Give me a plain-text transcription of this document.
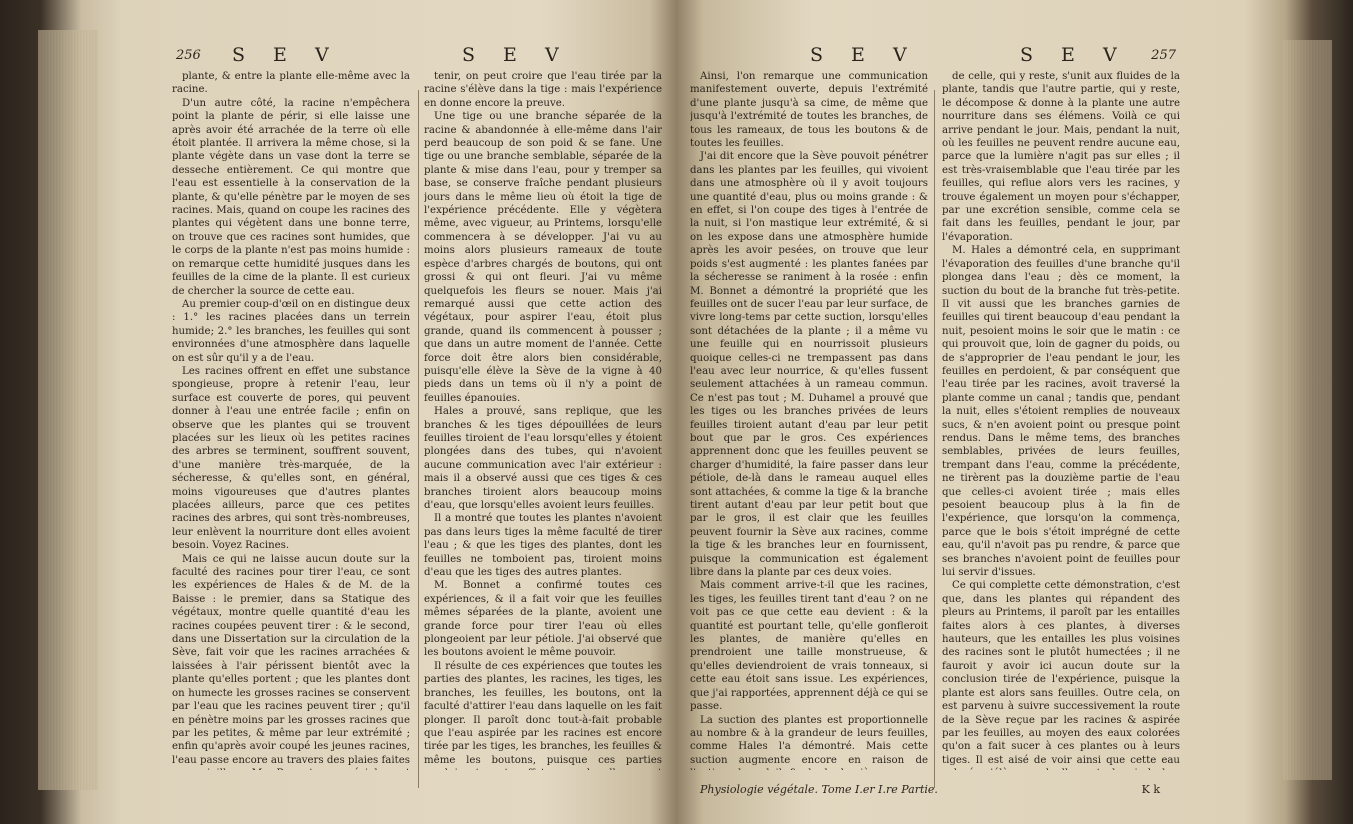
256 S E V	S E V

plante, & entre la plante elle-même avec la racine.

D'un autre côté, la racine n'empêchera point la plante de périr, si elle laisse une après avoir été arrachée de la terre où elle étoit plantée. Il arrivera la même chose, si la plante végète dans un vase dont la terre se desseche entièrement. Ce qui montre que l'eau est essentielle à la conservation de la plante, & qu'elle pénètre par le moyen de ses racines. Mais, quand on coupe les racines des plantes qui végètent dans une bonne terre, on trouve que ces racines sont humides, que le corps de la plante n'est pas moins humide : on remarque cette humidité jusques dans les feuilles de la cime de la plante. Il est curieux de chercher la source de cette eau.

Au premier coup-d'œil on en distingue deux : 1.° les racines placées dans un terrein humide; 2.° les branches, les feuilles qui sont environnées d'une atmosphère dans laquelle on est sûr qu'il y a de l'eau.

Les racines offrent en effet une substance spongieuse, propre à retenir l'eau, leur surface est couverte de pores, qui peuvent donner à l'eau une entrée facile ; enfin on observe que les plantes qui se trouvent placées sur les lieux où les petites racines des arbres se terminent, souffrent souvent, d'une manière très-marquée, de la sécheresse, & qu'elles sont, en général, moins vigoureuses que d'autres plantes placées ailleurs, parce que ces petites racines des arbres, qui sont très-nombreuses, leur enlèvent la nourriture dont elles avoient besoin. Voyez Racines.

Mais ce qui ne laisse aucun doute sur la faculté des racines pour tirer l'eau, ce sont les expériences de Hales & de M. de la Baisse : le premier, dans sa Statique des végétaux, montre quelle quantité d'eau les racines coupées peuvent tirer : & le second, dans une Dissertation sur la circulation de la Sève, fait voir que les racines arrachées & laissées à l'air périssent bientôt avec la plante qu'elles portent ; que les plantes dont on humecte les grosses racines se conservent par l'eau que les racines peuvent tirer ; qu'il en pénètre moins par les grosses racines que par les petites, & même par leur extrémité ; enfin qu'après avoir coupé les jeunes racines, l'eau passe encore au travers des plaies faites

tenir, on peut croire que l'eau tirée par la racine s'élève dans la tige : mais l'expérience en donne encore la preuve.

Une tige ou une branche séparée de la racine & abandonnée à elle-même dans l'air perd beaucoup de son poid & se fane. Une tige ou une branche semblable, séparée de la plante & mise dans l'eau, pour y tremper sa base, se conserve fraîche pendant plusieurs jours dans le même lieu où étoit la tige de l'expérience précédente. Elle y végètera même, avec vigueur, au Printems, lorsqu'elle commencera à se développer. J'ai vu au moins alors plusieurs rameaux de toute espèce d'arbres chargés de boutons, qui ont grossi & qui ont fleuri. J'ai vu même quelquefois les fleurs se nouer. Mais j'ai remarqué aussi que cette action des végétaux, pour aspirer l'eau, étoit plus grande, quand ils commencent à pousser ; que dans un autre moment de l'année. Cette force doit être alors bien considérable, puisqu'elle élève la Sève de la vigne à 40 pieds dans un tems où il n'y a point de feuilles épanouies.

Hales a prouvé, sans replique, que les branches & les tiges dépouillées de leurs feuilles tiroient de l'eau lorsqu'elles y étoient plongées dans des tubes, qui n'avoient aucune communication avec l'air extérieur : mais il a observé aussi que ces tiges & ces branches tiroient alors beaucoup moins d'eau, que lorsqu'elles avoient leurs feuilles.

Il a montré que toutes les plantes n'avoient pas dans leurs tiges la même faculté de tirer l'eau ; & que les tiges des plantes, dont les feuilles ne tomboient pas, tiroient moins d'eau que les tiges des autres plantes.

M. Bonnet a confirmé toutes ces expériences, & il a fait voir que les feuilles mêmes séparées de la plante, avoient une grande force pour tirer l'eau où elles plongeoient par leur pétiole. J'ai observé que les boutons avoient le même pouvoir.

Il résulte de ces expériences que toutes les parties des plantes, les racines, les tiges, les branches, les feuilles, les boutons, ont la faculté d'attirer l'eau dans laquelle on les fait plonger. Il paroît donc tout-à-fait probable que l'eau aspirée par les racines est encore tirée par les tiges, les branches, les feuilles & même les boutons, puisque ces parties

S E V	S E V 257

Ainsi, l'on remarque une communication manifestement ouverte, depuis l'extrémité d'une plante jusqu'à sa cime, de même que jusqu'à l'extrémité de toutes les branches, de tous les rameaux, de tous les boutons & de toutes les feuilles.

J'ai dit encore que la Sève pouvoit pénétrer dans les plantes par les feuilles, qui vivoient dans une atmosphère où il y avoit toujours une quantité d'eau, plus ou moins grande : & en effet, si l'on coupe des tiges à l'entrée de la nuit, si l'on mastique leur extrémité, & si on les expose dans une atmosphère humide après les avoir pesées, on trouve que leur poids s'est augmenté : les plantes fanées par la sécheresse se raniment à la rosée : enfin M. Bonnet a démontré la propriété que les feuilles ont de sucer l'eau par leur surface, de vivre long-tems par cette suction, lorsqu'elles sont détachées de la plante ; il a même vu une feuille qui en nourrissoit plusieurs quoique celles-ci ne trempassent pas dans l'eau avec leur nourrice, & qu'elles fussent seulement attachées à un rameau commun. Ce n'est pas tout ; M. Duhamel a prouvé que les tiges ou les branches privées de leurs feuilles tiroient autant d'eau par leur petit bout que par le gros. Ces expériences apprennent donc que les feuilles peuvent se charger d'humidité, la faire passer dans leur pétiole, de-là dans le rameau auquel elles sont attachées, & comme la tige & la branche tirent autant d'eau par leur petit bout que par le gros, il est clair que les feuilles peuvent fournir la Sève aux racines, comme la tige & les branches leur en fournissent, puisque la communication est également libre dans la plante par ces deux voies.

Mais comment arrive-t-il que les racines, les tiges, les feuilles tirent tant d'eau ? on ne voit pas ce que cette eau devient : & la quantité est pourtant telle, qu'elle gonfleroit les plantes, de manière qu'elles en prendroient une taille monstrueuse, & qu'elles deviendroient de vrais tonneaux, si cette eau étoit sans issue. Les expériences, que j'ai rapportées, apprennent déjà ce qui se passe.

La suction des plantes est proportionnelle au nombre & à la grandeur de leurs feuilles, comme Hales l'a démontré. Mais cette suction augmente encore en raison de

de celle, qui y reste, s'unit aux fluides de la plante, tandis que l'autre partie, qui y reste, le décompose & donne à la plante une autre nourriture dans ses élémens. Voilà ce qui arrive pendant le jour. Mais, pendant la nuit, où les feuilles ne peuvent rendre aucune eau, parce que la lumière n'agit pas sur elles ; il est très-vraisemblable que l'eau tirée par les feuilles, qui reflue alors vers les racines, y trouve également un moyen pour s'échapper, par une excrétion sensible, comme cela se fait dans les feuilles, pendant le jour, par l'évaporation.

M. Hales a démontré cela, en supprimant l'évaporation des feuilles d'une branche qu'il plongea dans l'eau ; dès ce moment, la suction du bout de la branche fut très-petite. Il vit aussi que les branches garnies de feuilles qui tirent beaucoup d'eau pendant la nuit, pesoient moins le soir que le matin : ce qui prouvoit que, loin de gagner du poids, ou de s'approprier de l'eau pendant le jour, les feuilles en perdoient, & par conséquent que l'eau tirée par les racines, avoit traversé la plante comme un canal ; tandis que, pendant la nuit, elles s'étoient remplies de nouveaux sucs, & n'en avoient point ou presque point rendus. Dans le même tems, des branches semblables, privées de leurs feuilles, trempant dans l'eau, comme la précédente, ne tirèrent pas la douzième partie de l'eau que celles-ci avoient tirée ; mais elles pesoient beaucoup plus à la fin de l'expérience, que lorsqu'on la commença, parce que le bois s'étoit imprégné de cette eau, qu'il n'avoit pas pu rendre, & parce que ses branches n'avoient point de feuilles pour lui servir d'issues.

Ce qui complette cette démonstration, c'est que, dans les plantes qui répandent des pleurs au Printems, il paroît par les entailles faites alors à ces plantes, à diverses hauteurs, que les entailles les plus voisines des racines sont le plutôt humectées ; il ne fauroit y avoir ici aucun doute sur la conclusion tirée de l'expérience, puisque la plante est alors sans feuilles. Outre cela, on est parvenu à suivre successivement la route de la Sève reçue par les racines & aspirée par les feuilles, au moyen des eaux colorées qu'on a fait sucer à ces plantes ou à leurs tiges. Il est aisé de voir ainsi que cette eau

Physiologie végétale. Tome I.er I.re Partie.	K k
